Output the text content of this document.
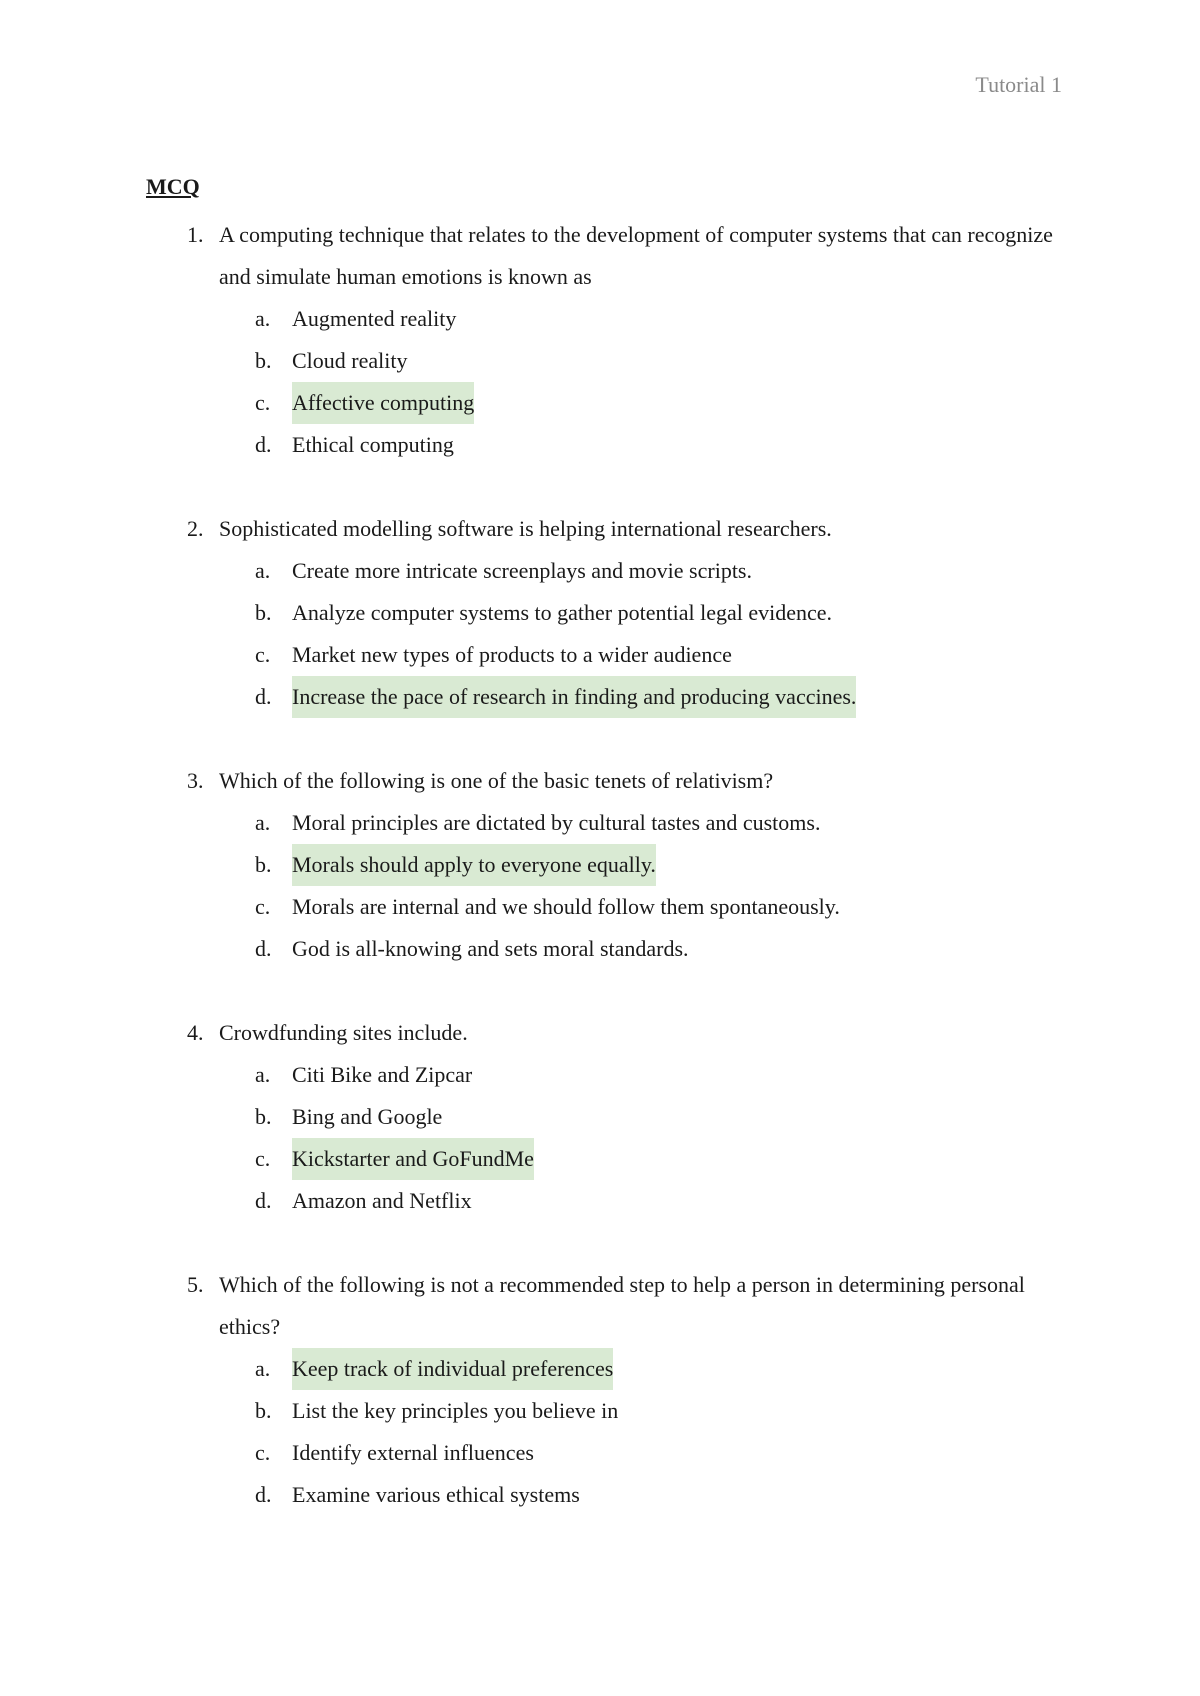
Tutorial 1
MCQ
1. A computing technique that relates to the development of computer systems that can recognize and simulate human emotions is known as
a. Augmented reality
b. Cloud reality
c. Affective computing
d. Ethical computing
2. Sophisticated modelling software is helping international researchers.
a. Create more intricate screenplays and movie scripts.
b. Analyze computer systems to gather potential legal evidence.
c. Market new types of products to a wider audience
d. Increase the pace of research in finding and producing vaccines.
3. Which of the following is one of the basic tenets of relativism?
a. Moral principles are dictated by cultural tastes and customs.
b. Morals should apply to everyone equally.
c. Morals are internal and we should follow them spontaneously.
d. God is all-knowing and sets moral standards.
4. Crowdfunding sites include.
a. Citi Bike and Zipcar
b. Bing and Google
c. Kickstarter and GoFundMe
d. Amazon and Netflix
5. Which of the following is not a recommended step to help a person in determining personal ethics?
a. Keep track of individual preferences
b. List the key principles you believe in
c. Identify external influences
d. Examine various ethical systems
